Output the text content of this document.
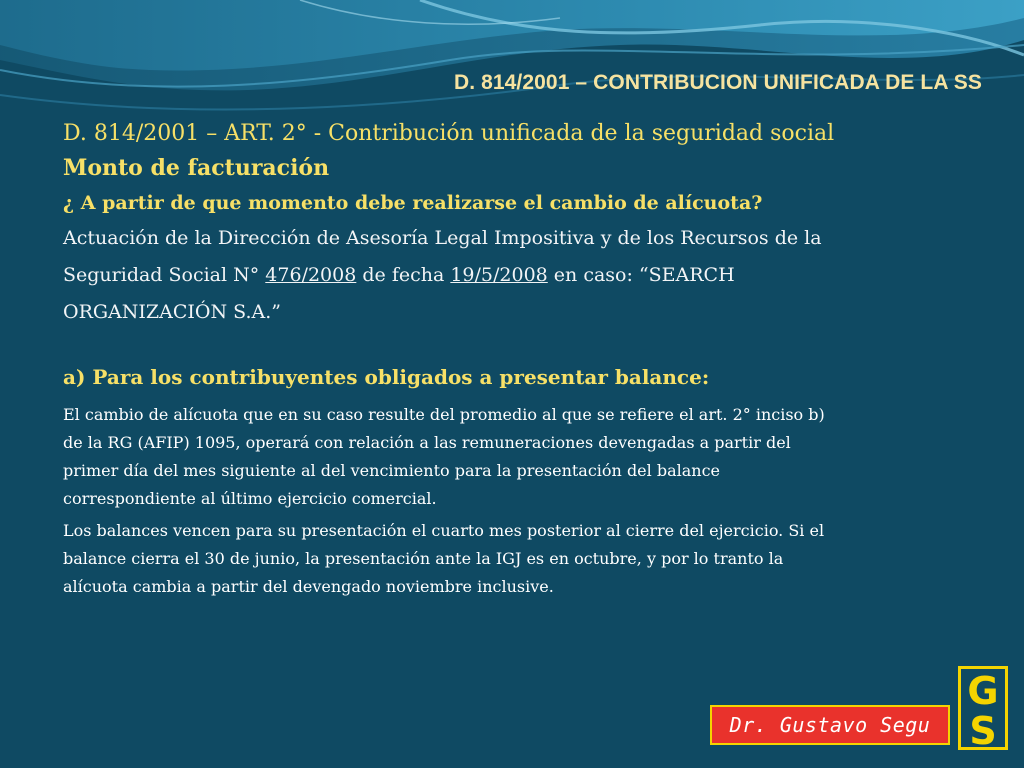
D. 814/2001 – CONTRIBUCION UNIFICADA DE LA SS
D. 814/2001 – ART. 2° - Contribución unificada de la seguridad social
Monto de facturación
¿ A partir de que momento debe realizarse el cambio de alícuota?
Actuación de la Dirección de Asesoría Legal Impositiva y de los Recursos de la
Seguridad Social N° 476/2008 de fecha 19/5/2008 en caso: “SEARCH
ORGANIZACIÓN S.A.”
a) Para los contribuyentes obligados a presentar balance:
El cambio de alícuota que en su caso resulte del promedio al que se refiere el art. 2° inciso b)
de la RG (AFIP) 1095, operará con relación a las remuneraciones devengadas a partir del
primer día del mes siguiente al del vencimiento para la presentación del balance
correspondiente al último ejercicio comercial.
Los balances vencen para su presentación el cuarto mes posterior al cierre del ejercicio. Si el
balance cierra el 30 de junio, la presentación ante la IGJ es en octubre, y por lo tranto la
alícuota cambia a partir del devengado noviembre inclusive.
Dr. Gustavo Segu
G
S
